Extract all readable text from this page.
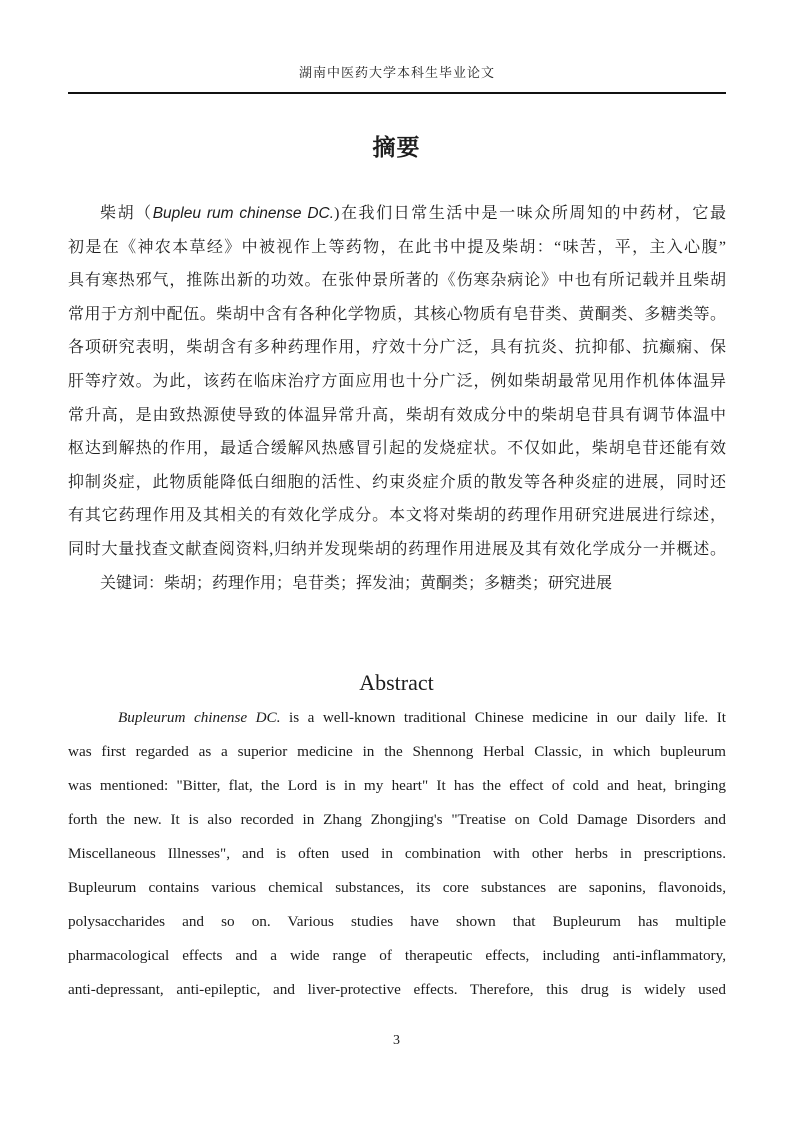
湖南中医药大学本科生毕业论文
摘要
柴胡（Bupleu rum chinense DC.)在我们日常生活中是一味众所周知的中药材，它最
初是在《神农本草经》中被视作上等药物，在此书中提及柴胡：“味苦，平，主入心腹”
具有寒热邪气，推陈出新的功效。在张仲景所著的《伤寒杂病论》中也有所记载并且柴胡
常用于方剂中配伍。柴胡中含有各种化学物质，其核心物质有皂苷类、黄酮类、多糖类等。
各项研究表明，柴胡含有多种药理作用，疗效十分广泛，具有抗炎、抗抑郁、抗癫痫、保
肝等疗效。为此，该药在临床治疗方面应用也十分广泛，例如柴胡最常见用作机体体温异
常升高，是由致热源使导致的体温异常升高，柴胡有效成分中的柴胡皂苷具有调节体温中
枢达到解热的作用，最适合缓解风热感冒引起的发烧症状。不仅如此，柴胡皂苷还能有效
抑制炎症，此物质能降低白细胞的活性、约束炎症介质的散发等各种炎症的进展，同时还
有其它药理作用及其相关的有效化学成分。本文将对柴胡的药理作用研究进展进行综述，
同时大量找查文献查阅资料,归纳并发现柴胡的药理作用进展及其有效化学成分一并概述。
关键词：柴胡；药理作用；皂苷类；挥发油；黄酮类；多糖类；研究进展
Abstract
Bupleurum chinense DC. is a well-known traditional Chinese medicine in our daily life. It
was first regarded as a superior medicine in the Shennong Herbal Classic, in which bupleurum
was mentioned: "Bitter, flat, the Lord is in my heart" It has the effect of cold and heat, bringing
forth the new. It is also recorded in Zhang Zhongjing's "Treatise on Cold Damage Disorders and
Miscellaneous Illnesses", and is often used in combination with other herbs in prescriptions.
Bupleurum contains various chemical substances, its core substances are saponins, flavonoids,
polysaccharides and so on. Various studies have shown that Bupleurum has multiple
pharmacological effects and a wide range of therapeutic effects, including anti-inflammatory,
anti-depressant, anti-epileptic, and liver-protective effects. Therefore, this drug is widely used
3
